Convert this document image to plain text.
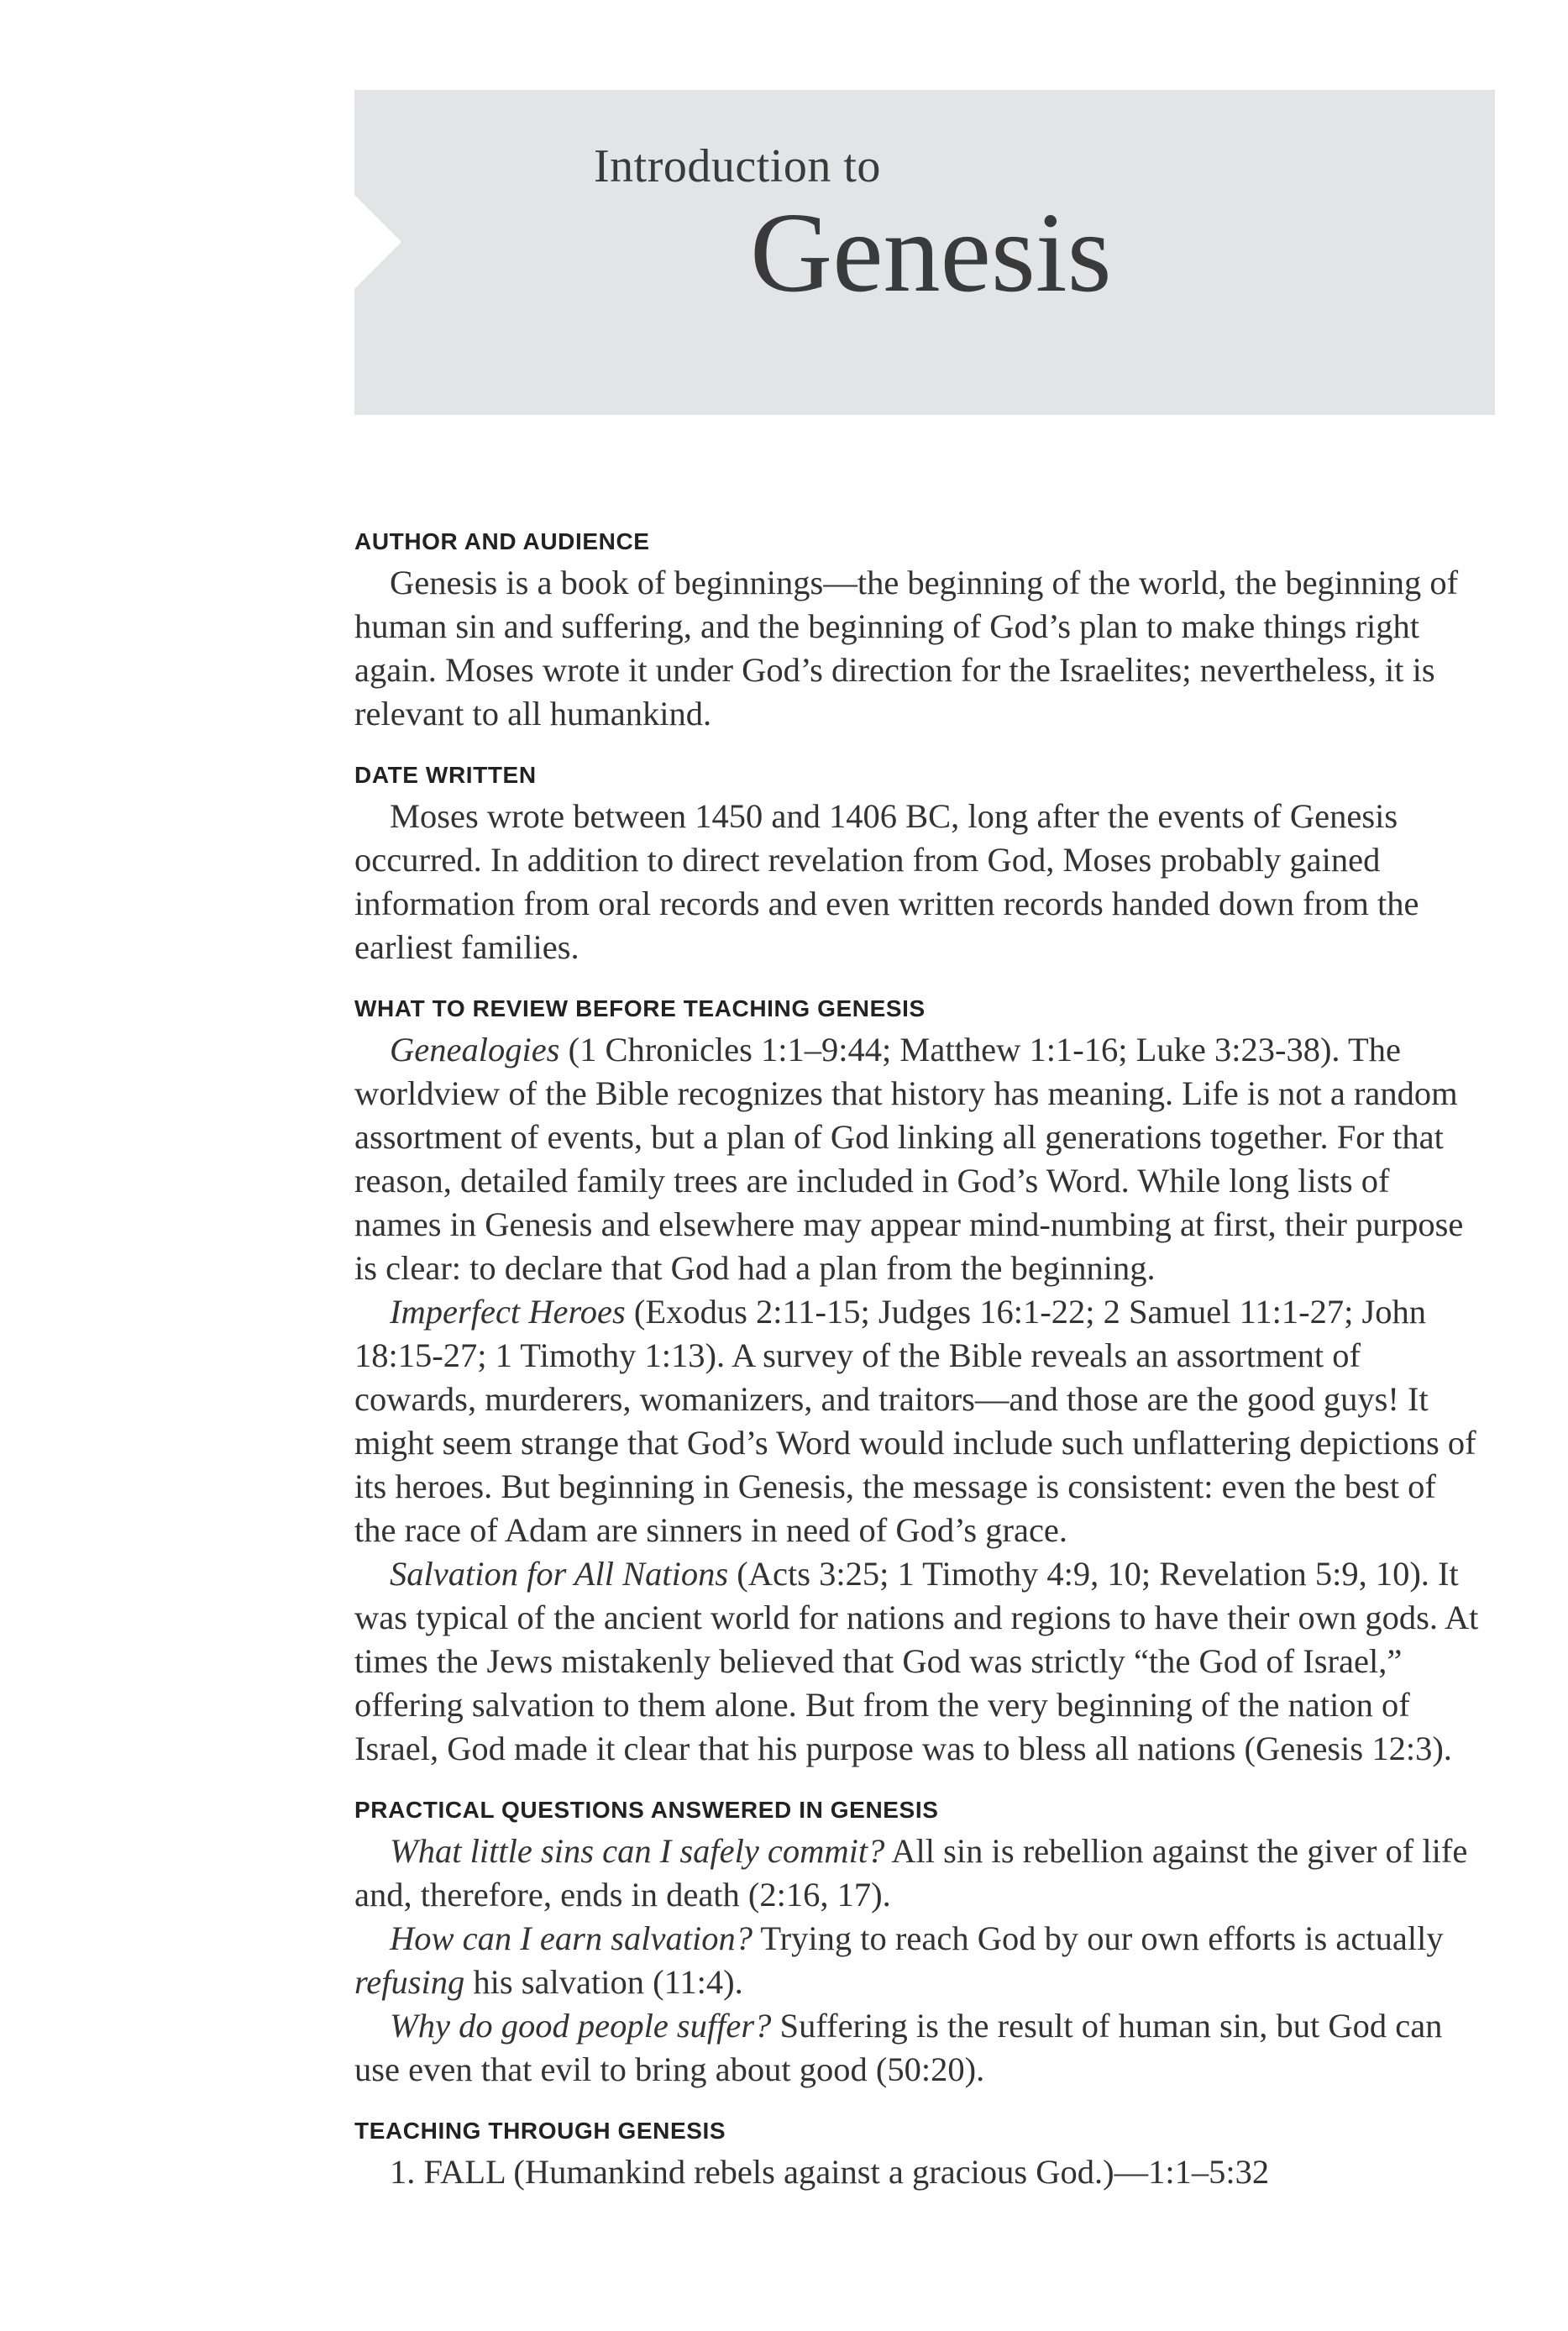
Introduction to
Genesis
AUTHOR AND AUDIENCE

Genesis is a book of beginnings—the beginning of the world, the beginning of human sin and suffering, and the beginning of God’s plan to make things right again. Moses wrote it under God’s direction for the Israelites; nevertheless, it is relevant to all humankind.

DATE WRITTEN

Moses wrote between 1450 and 1406 BC, long after the events of Genesis occurred. In addition to direct revelation from God, Moses probably gained information from oral records and even written records handed down from the earliest families.

WHAT TO REVIEW BEFORE TEACHING GENESIS

Genealogies (1 Chronicles 1:1–9:44; Matthew 1:1-16; Luke 3:23-38). The worldview of the Bible recognizes that history has meaning. Life is not a random assortment of events, but a plan of God linking all generations together. For that reason, detailed family trees are included in God’s Word. While long lists of names in Genesis and elsewhere may appear mind-numbing at first, their purpose is clear: to declare that God had a plan from the beginning.

Imperfect Heroes (Exodus 2:11-15; Judges 16:1-22; 2 Samuel 11:1-27; John 18:15-27; 1 Timothy 1:13). A survey of the Bible reveals an assortment of cowards, murderers, womanizers, and traitors—and those are the good guys! It might seem strange that God’s Word would include such unflattering depictions of its heroes. But beginning in Genesis, the message is consistent: even the best of the race of Adam are sinners in need of God’s grace.

Salvation for All Nations (Acts 3:25; 1 Timothy 4:9, 10; Revelation 5:9, 10). It was typical of the ancient world for nations and regions to have their own gods. At times the Jews mistakenly believed that God was strictly “the God of Israel,” offering salvation to them alone. But from the very beginning of the nation of Israel, God made it clear that his purpose was to bless all nations (Genesis 12:3).

PRACTICAL QUESTIONS ANSWERED IN GENESIS

What little sins can I safely commit? All sin is rebellion against the giver of life and, therefore, ends in death (2:16, 17).

How can I earn salvation? Trying to reach God by our own efforts is actually refusing his salvation (11:4).

Why do good people suffer? Suffering is the result of human sin, but God can use even that evil to bring about good (50:20).

TEACHING THROUGH GENESIS

1. FALL (Humankind rebels against a gracious God.)—1:1–5:32
